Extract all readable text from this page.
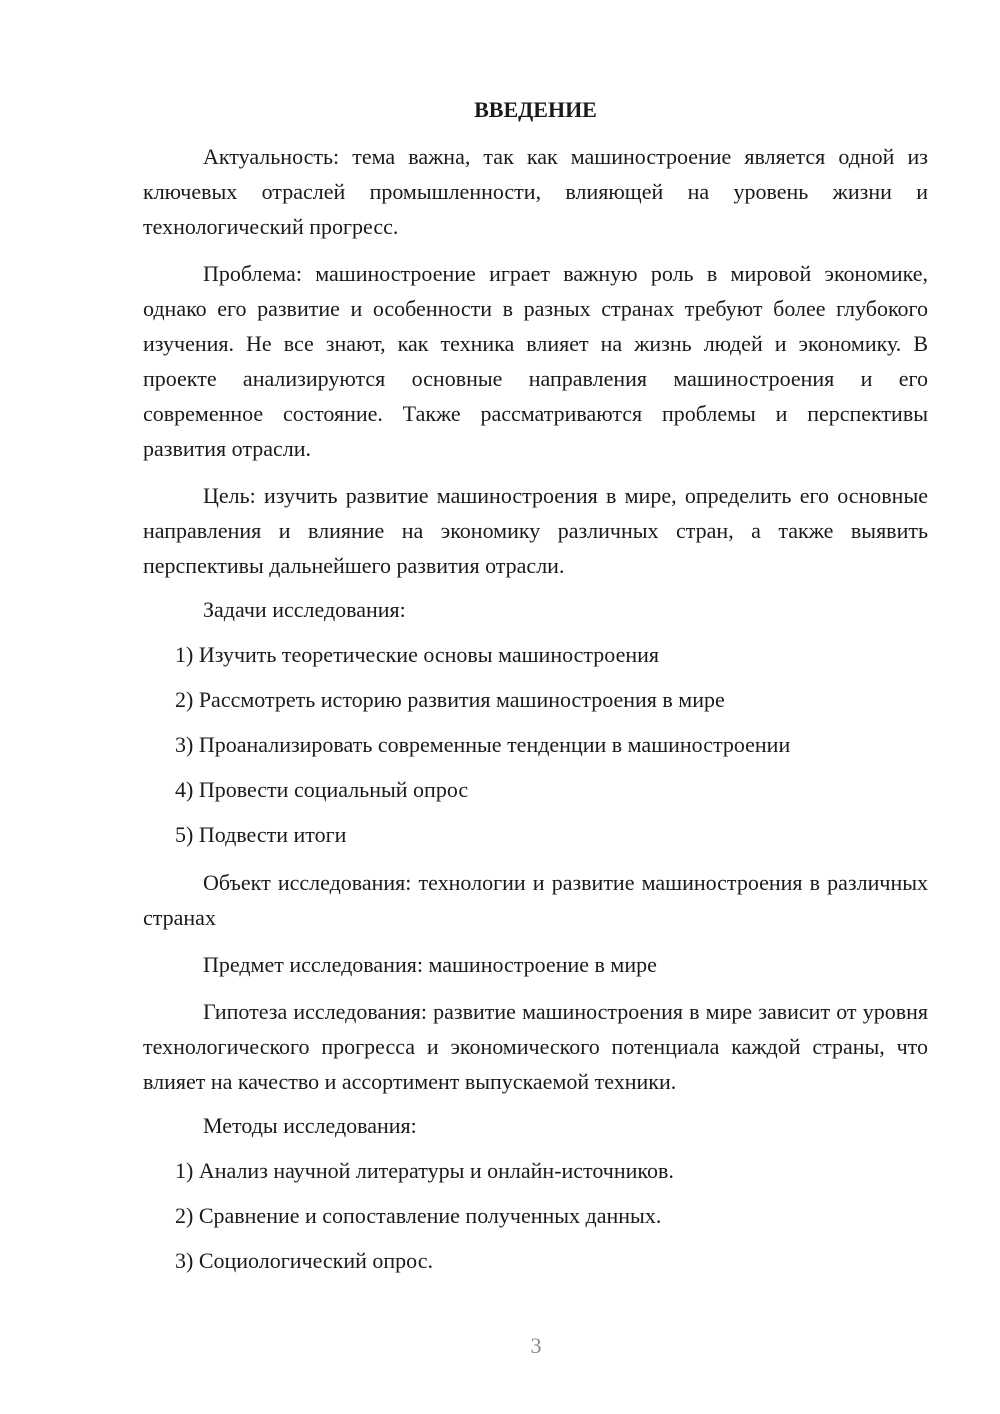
ВВЕДЕНИЕ

Актуальность: тема важна, так как машиностроение является одной из ключевых отраслей промышленности, влияющей на уровень жизни и технологический прогресс.

Проблема: машиностроение играет важную роль в мировой экономике, однако его развитие и особенности в разных странах требуют более глубокого изучения. Не все знают, как техника влияет на жизнь людей и экономику. В проекте анализируются основные направления машиностроения и его современное состояние. Также рассматриваются проблемы и перспективы развития отрасли.

Цель: изучить развитие машиностроения в мире, определить его основные направления и влияние на экономику различных стран, а также выявить перспективы дальнейшего развития отрасли.

Задачи исследования:
1) Изучить теоретические основы машиностроения
2) Рассмотреть историю развития машиностроения в мире
3) Проанализировать современные тенденции в машиностроении
4) Провести социальный опрос
5) Подвести итоги

Объект исследования: технологии и развитие машиностроения в различных странах

Предмет исследования: машиностроение в мире

Гипотеза исследования: развитие машиностроения в мире зависит от уровня технологического прогресса и экономического потенциала каждой страны, что влияет на качество и ассортимент выпускаемой техники.

Методы исследования:
1) Анализ научной литературы и онлайн-источников.
2) Сравнение и сопоставление полученных данных.
3) Социологический опрос.
3
